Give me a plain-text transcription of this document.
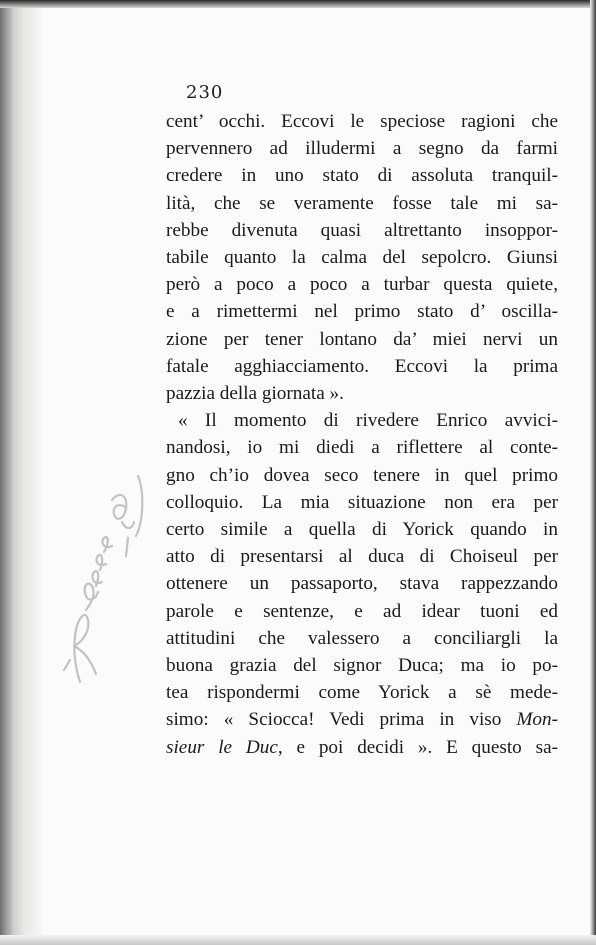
230
cent’ occhi. Eccovi le speciose ragioni che
pervennero ad illudermi a segno da farmi
credere in uno stato di assoluta tranquil-
lità, che se veramente fosse tale mi sa-
rebbe divenuta quasi altrettanto insoppor-
tabile quanto la calma del sepolcro. Giunsi
però a poco a poco a turbar questa quiete,
e a rimettermi nel primo stato d’ oscilla-
zione per tener lontano da’ miei nervi un
fatale agghiacciamento. Eccovi la prima
pazzia della giornata ».
« Il momento di rivedere Enrico avvici-
nandosi, io mi diedi a riflettere al conte-
gno ch’io dovea seco tenere in quel primo
colloquio. La mia situazione non era per
certo simile a quella di Yorick quando in
atto di presentarsi al duca di Choiseul per
ottenere un passaporto, stava rappezzando
parole e sentenze, e ad idear tuoni ed
attitudini che valessero a conciliargli la
buona grazia del signor Duca; ma io po-
tea rispondermi come Yorick a sè mede-
simo: « Sciocca! Vedi prima in viso Mon-
sieur le Duc, e poi decidi ». E questo sa-
